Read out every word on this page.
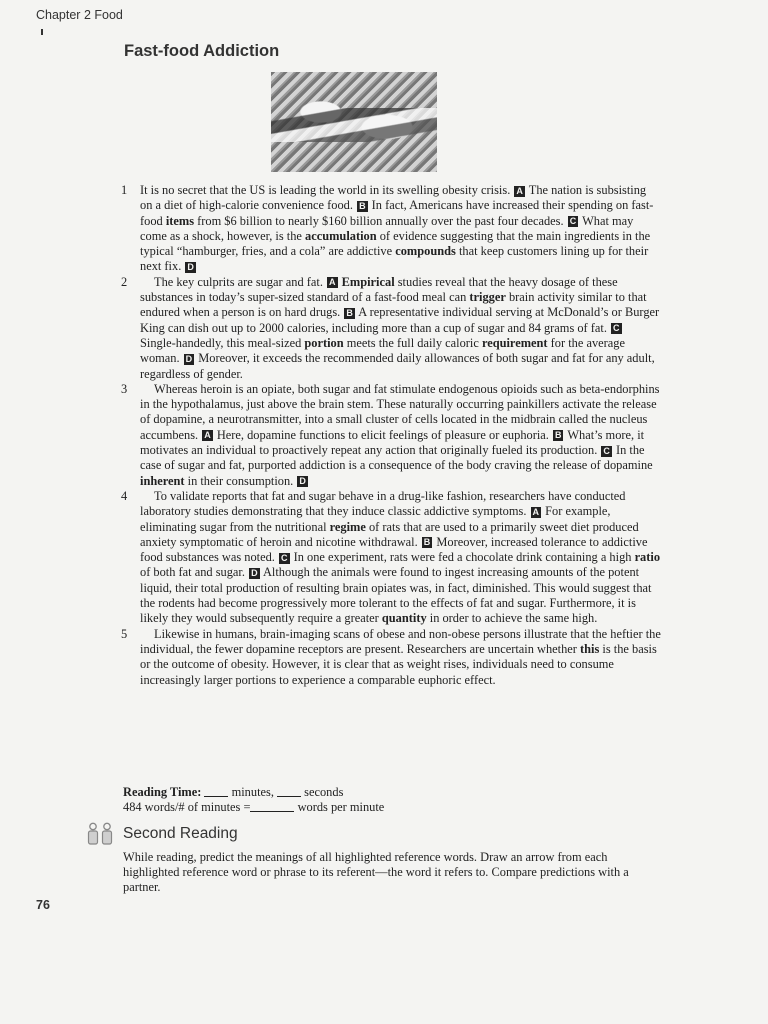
Chapter 2 Food
Fast-food Addiction

1 It is no secret that the US is leading the world in its swelling obesity crisis. A The nation is subsisting on a diet of high-calorie convenience food. B In fact, Americans have increased their spending on fast-food items from $6 billion to nearly $160 billion annually over the past four decades. C What may come as a shock, however, is the accumulation of evidence suggesting that the main ingredients in the typical “hamburger, fries, and a cola” are addictive compounds that keep customers lining up for their next fix. D

2 The key culprits are sugar and fat. A Empirical studies reveal that the heavy dosage of these substances in today’s super-sized standard of a fast-food meal can trigger brain activity similar to that endured when a person is on hard drugs. B A representative individual serving at McDonald’s or Burger King can dish out up to 2000 calories, including more than a cup of sugar and 84 grams of fat. C Single-handedly, this meal-sized portion meets the full daily caloric requirement for the average woman. D Moreover, it exceeds the recommended daily allowances of both sugar and fat for any adult, regardless of gender.

3 Whereas heroin is an opiate, both sugar and fat stimulate endogenous opioids such as beta-endorphins in the hypothalamus, just above the brain stem. These naturally occurring painkillers activate the release of dopamine, a neurotransmitter, into a small cluster of cells located in the midbrain called the nucleus accumbens. A Here, dopamine functions to elicit feelings of pleasure or euphoria. B What’s more, it motivates an individual to proactively repeat any action that originally fueled its production. C In the case of sugar and fat, purported addiction is a consequence of the body craving the release of dopamine inherent in their consumption. D

4 To validate reports that fat and sugar behave in a drug-like fashion, researchers have conducted laboratory studies demonstrating that they induce classic addictive symptoms. A For example, eliminating sugar from the nutritional regime of rats that are used to a primarily sweet diet produced anxiety symptomatic of heroin and nicotine withdrawal. B Moreover, increased tolerance to addictive food substances was noted. C In one experiment, rats were fed a chocolate drink containing a high ratio of both fat and sugar. D Although the animals were found to ingest increasing amounts of the potent liquid, their total production of resulting brain opiates was, in fact, diminished. This would suggest that the rodents had become progressively more tolerant to the effects of fat and sugar. Furthermore, it is likely they would subsequently require a greater quantity in order to achieve the same high.

5 Likewise in humans, brain-imaging scans of obese and non-obese persons illustrate that the heftier the individual, the fewer dopamine receptors are present. Researchers are uncertain whether this is the basis or the outcome of obesity. However, it is clear that as weight rises, individuals need to consume increasingly larger portions to experience a comparable euphoric effect.

Reading Time: minutes, seconds
484 words/# of minutes =	words per minute
Second Reading
While reading, predict the meanings of all highlighted reference words. Draw an arrow from each highlighted reference word or phrase to its referent—the word it refers to. Compare predictions with a partner.
76
